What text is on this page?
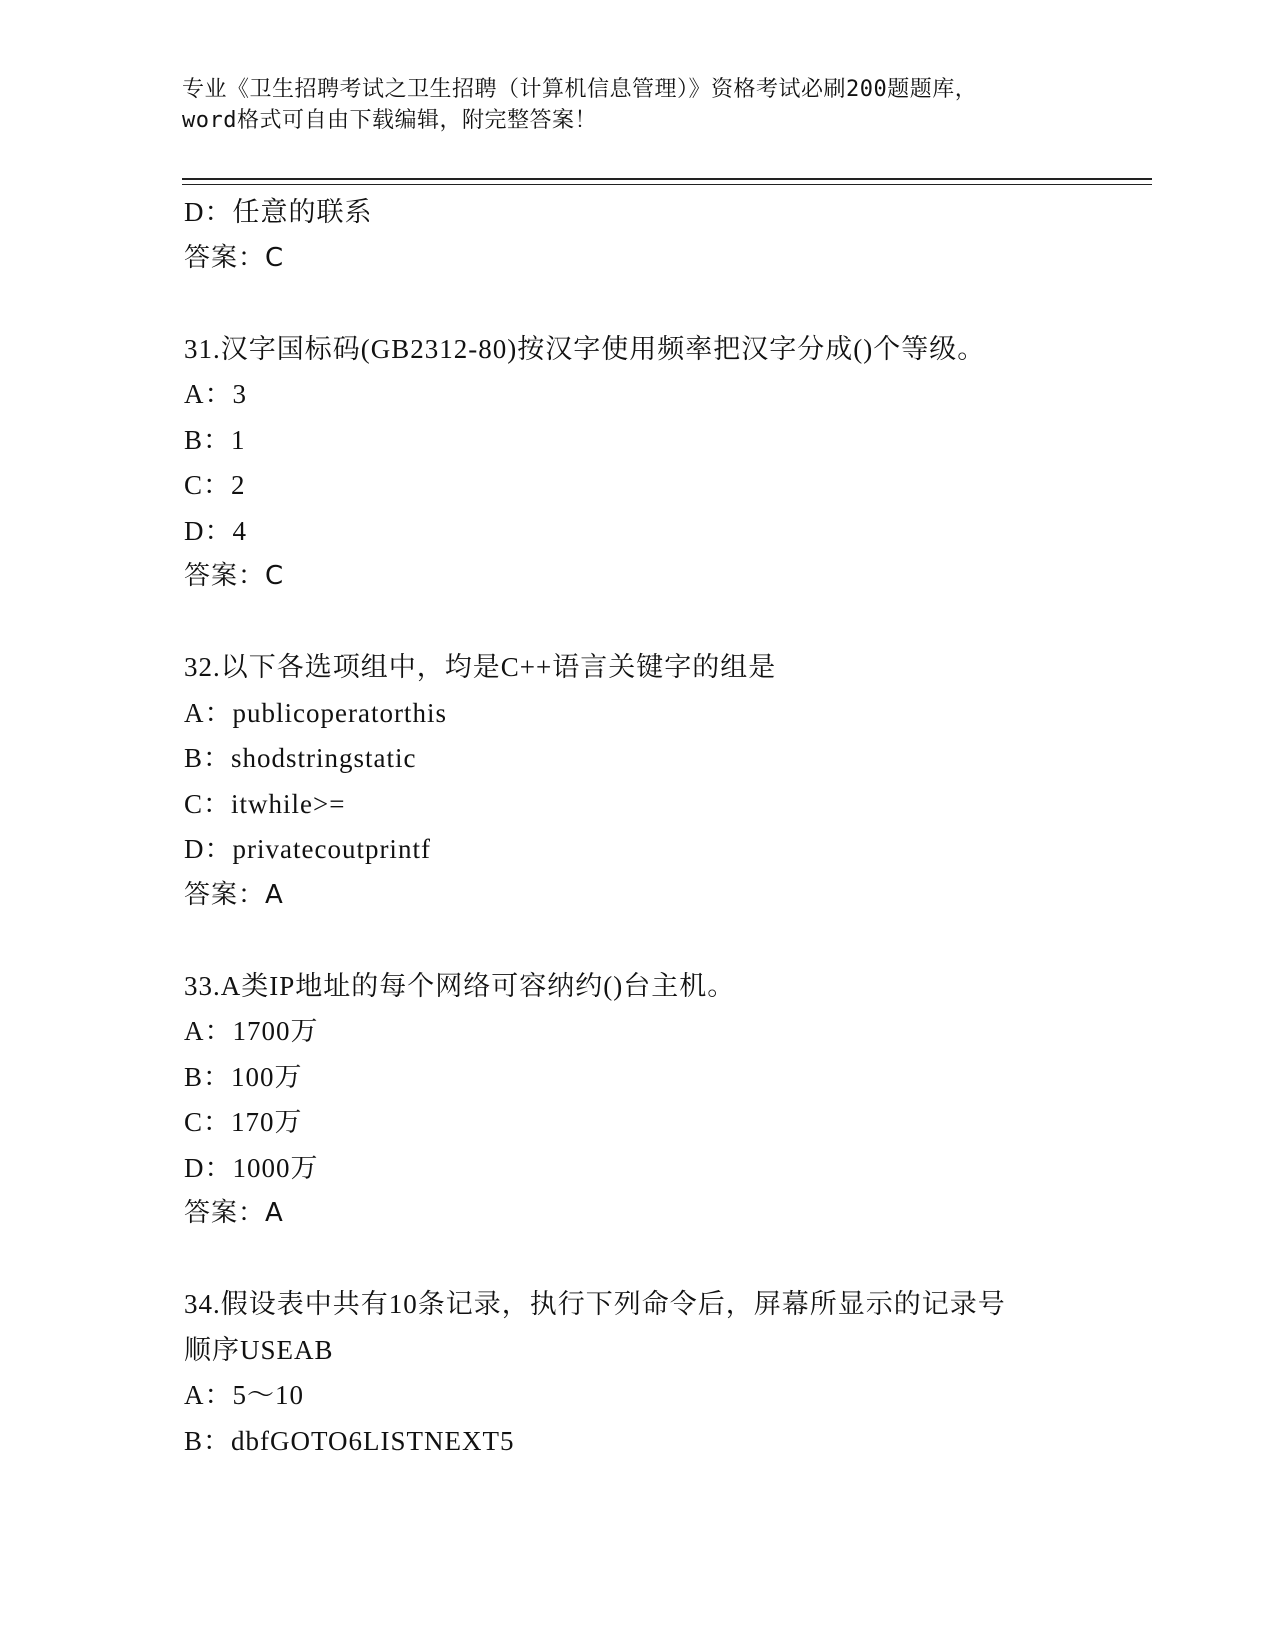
专业《卫生招聘考试之卫生招聘（计算机信息管理）》资格考试必刷200题题库，
word格式可自由下载编辑，附完整答案！
D：任意的联系
答案：C
31.汉字国标码(GB2312-80)按汉字使用频率把汉字分成()个等级。
A：3
B：1
C：2
D：4
答案：C
32.以下各选项组中，均是C++语言关键字的组是
A：publicoperatorthis
B：shodstringstatic
C：itwhile>=
D：privatecoutprintf
答案：A
33.A类IP地址的每个网络可容纳约()台主机。
A：1700万
B：100万
C：170万
D：1000万
答案：A
34.假设表中共有10条记录，执行下列命令后，屏幕所显示的记录号
顺序USEAB
A：5～10
B：dbfGOTO6LISTNEXT5
